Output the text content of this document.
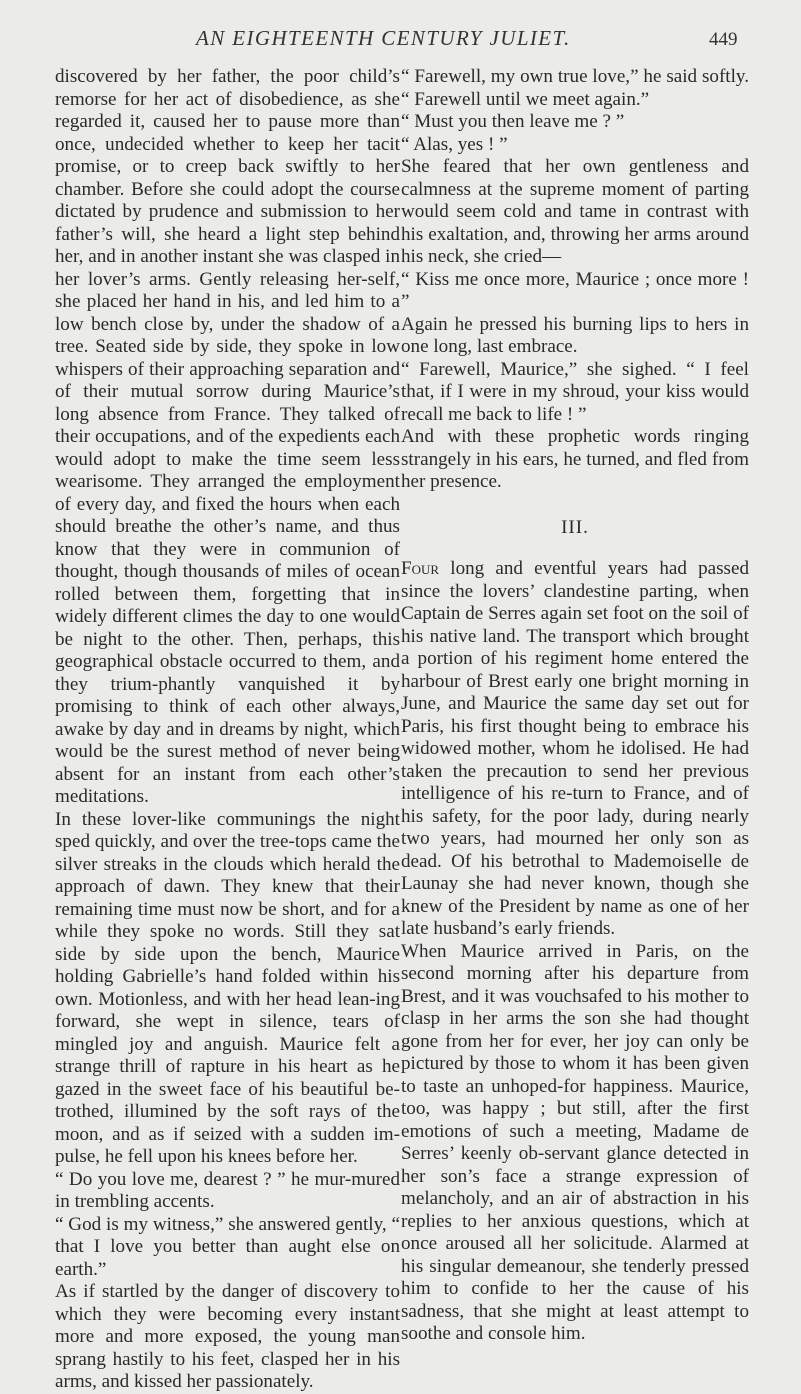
AN EIGHTEENTH CENTURY JULIET.	449

discovered by her father, the poor child’s remorse for her act of disobedience, as she regarded it, caused her to pause more than once, undecided whether to keep her tacit promise, or to creep back swiftly to her chamber. Before she could adopt the course dictated by prudence and submission to her father’s will, she heard a light step behind her, and in another instant she was clasped in her lover’s arms. Gently releasing her-self, she placed her hand in his, and led him to a low bench close by, under the shadow of a tree. Seated side by side, they spoke in low whispers of their approaching separation and of their mutual sorrow during Maurice’s long absence from France. They talked of their occupations, and of the expedients each would adopt to make the time seem less wearisome. They arranged the employment of every day, and fixed the hours when each should breathe the other’s name, and thus know that they were in communion of thought, though thousands of miles of ocean rolled between them, forgetting that in widely different climes the day to one would be night to the other. Then, perhaps, this geographical obstacle occurred to them, and they trium-phantly vanquished it by promising to think of each other always, awake by day and in dreams by night, which would be the surest method of never being absent for an instant from each other’s meditations.

In these lover-like communings the night sped quickly, and over the tree-tops came the silver streaks in the clouds which herald the approach of dawn. They knew that their remaining time must now be short, and for a while they spoke no words. Still they sat side by side upon the bench, Maurice holding Gabrielle’s hand folded within his own. Motionless, and with her head lean-ing forward, she wept in silence, tears of mingled joy and anguish. Maurice felt a strange thrill of rapture in his heart as he gazed in the sweet face of his beautiful be-trothed, illumined by the soft rays of the moon, and as if seized with a sudden im-pulse, he fell upon his knees before her.

“ Do you love me, dearest ? ” he mur-mured in trembling accents.

“ God is my witness,” she answered gently, “ that I love you better than aught else on earth.”

As if startled by the danger of discovery to which they were becoming every instant more and more exposed, the young man sprang hastily to his feet, clasped her in his arms, and kissed her passionately.

“ Farewell, my own true love,” he said softly. “ Farewell until we meet again.”

“ Must you then leave me ? ”

“ Alas, yes ! ”

She feared that her own gentleness and calmness at the supreme moment of parting would seem cold and tame in contrast with his exaltation, and, throwing her arms around his neck, she cried—

“ Kiss me once more, Maurice ; once more ! ”

Again he pressed his burning lips to hers in one long, last embrace.

“ Farewell, Maurice,” she sighed. “ I feel that, if I were in my shroud, your kiss would recall me back to life ! ”

And with these prophetic words ringing strangely in his ears, he turned, and fled from her presence.

III.

Four long and eventful years had passed since the lovers’ clandestine parting, when Captain de Serres again set foot on the soil of his native land. The transport which brought a portion of his regiment home entered the harbour of Brest early one bright morning in June, and Maurice the same day set out for Paris, his first thought being to embrace his widowed mother, whom he idolised. He had taken the precaution to send her previous intelligence of his re-turn to France, and of his safety, for the poor lady, during nearly two years, had mourned her only son as dead. Of his betrothal to Mademoiselle de Launay she had never known, though she knew of the President by name as one of her late husband’s early friends.

When Maurice arrived in Paris, on the second morning after his departure from Brest, and it was vouchsafed to his mother to clasp in her arms the son she had thought gone from her for ever, her joy can only be pictured by those to whom it has been given to taste an unhoped-for happiness. Maurice, too, was happy ; but still, after the first emotions of such a meeting, Madame de Serres’ keenly ob-servant glance detected in her son’s face a strange expression of melancholy, and an air of abstraction in his replies to her anxious questions, which at once aroused all her solicitude. Alarmed at his singular demeanour, she tenderly pressed him to confide to her the cause of his sadness, that she might at least attempt to soothe and console him.
